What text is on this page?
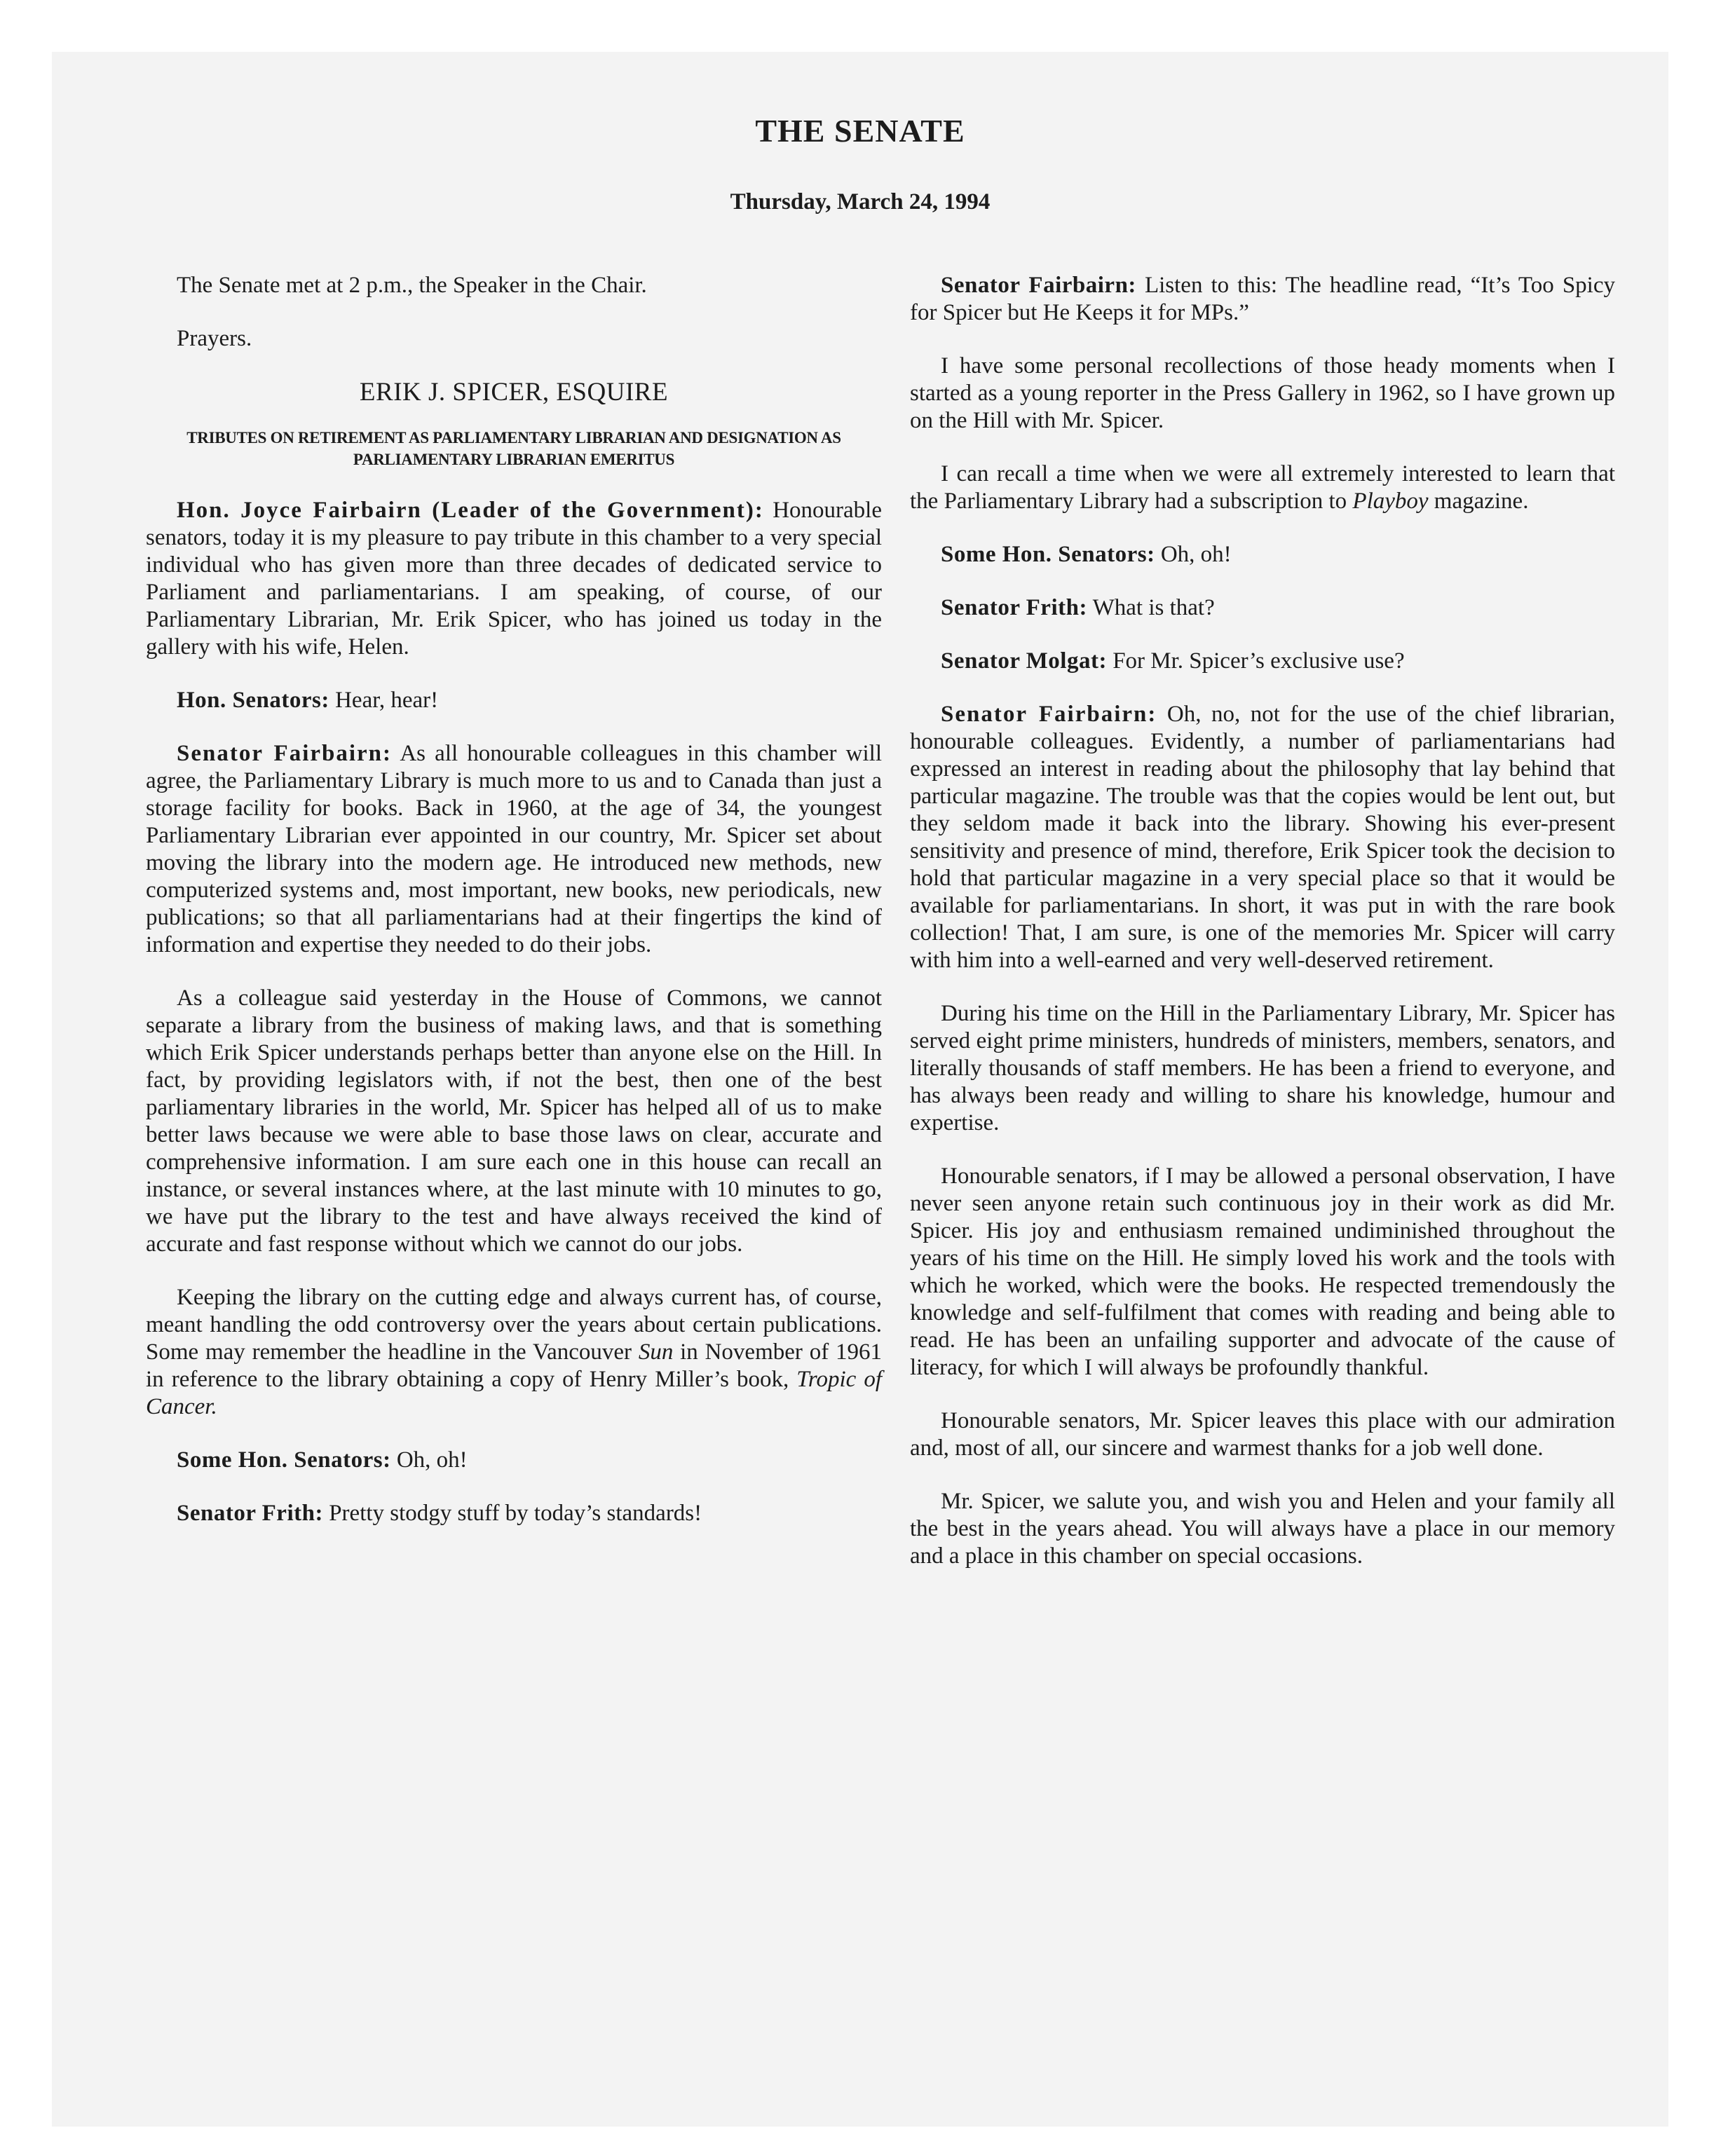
THE SENATE
Thursday, March 24, 1994

The Senate met at 2 p.m., the Speaker in the Chair.

Prayers.

ERIK J. SPICER, ESQUIRE
TRIBUTES ON RETIREMENT AS PARLIAMENTARY LIBRARIAN AND DESIGNATION AS PARLIAMENTARY LIBRARIAN EMERITUS

Hon. Joyce Fairbairn (Leader of the Government): Honourable senators, today it is my pleasure to pay tribute in this chamber to a very special individual who has given more than three decades of dedicated service to Parliament and parliamentarians. I am speaking, of course, of our Parliamentary Librarian, Mr. Erik Spicer, who has joined us today in the gallery with his wife, Helen.

Hon. Senators: Hear, hear!

Senator Fairbairn: As all honourable colleagues in this chamber will agree, the Parliamentary Library is much more to us and to Canada than just a storage facility for books. Back in 1960, at the age of 34, the youngest Parliamentary Librarian ever appointed in our country, Mr. Spicer set about moving the library into the modern age. He introduced new methods, new computerized systems and, most important, new books, new periodicals, new publications; so that all parliamentarians had at their fingertips the kind of information and expertise they needed to do their jobs.

As a colleague said yesterday in the House of Commons, we cannot separate a library from the business of making laws, and that is something which Erik Spicer understands perhaps better than anyone else on the Hill. In fact, by providing legislators with, if not the best, then one of the best parliamentary libraries in the world, Mr. Spicer has helped all of us to make better laws because we were able to base those laws on clear, accurate and comprehensive information. I am sure each one in this house can recall an instance, or several instances where, at the last minute with 10 minutes to go, we have put the library to the test and have always received the kind of accurate and fast response without which we cannot do our jobs.

Keeping the library on the cutting edge and always current has, of course, meant handling the odd controversy over the years about certain publications. Some may remember the headline in the Vancouver Sun in November of 1961 in reference to the library obtaining a copy of Henry Miller’s book, Tropic of Cancer.

Some Hon. Senators: Oh, oh!

Senator Frith: Pretty stodgy stuff by today’s standards!

Senator Fairbairn: Listen to this: The headline read, “It’s Too Spicy for Spicer but He Keeps it for MPs.”

I have some personal recollections of those heady moments when I started as a young reporter in the Press Gallery in 1962, so I have grown up on the Hill with Mr. Spicer.

I can recall a time when we were all extremely interested to learn that the Parliamentary Library had a subscription to Playboy magazine.

Some Hon. Senators: Oh, oh!

Senator Frith: What is that?

Senator Molgat: For Mr. Spicer’s exclusive use?

Senator Fairbairn: Oh, no, not for the use of the chief librarian, honourable colleagues. Evidently, a number of parliamentarians had expressed an interest in reading about the philosophy that lay behind that particular magazine. The trouble was that the copies would be lent out, but they seldom made it back into the library. Showing his ever-present sensitivity and presence of mind, therefore, Erik Spicer took the decision to hold that particular magazine in a very special place so that it would be available for parliamentarians. In short, it was put in with the rare book collection! That, I am sure, is one of the memories Mr. Spicer will carry with him into a well-earned and very well-deserved retirement.

During his time on the Hill in the Parliamentary Library, Mr. Spicer has served eight prime ministers, hundreds of ministers, members, senators, and literally thousands of staff members. He has been a friend to everyone, and has always been ready and willing to share his knowledge, humour and expertise.

Honourable senators, if I may be allowed a personal observation, I have never seen anyone retain such continuous joy in their work as did Mr. Spicer. His joy and enthusiasm remained undiminished throughout the years of his time on the Hill. He simply loved his work and the tools with which he worked, which were the books. He respected tremendously the knowledge and self-fulfilment that comes with reading and being able to read. He has been an unfailing supporter and advocate of the cause of literacy, for which I will always be profoundly thankful.

Honourable senators, Mr. Spicer leaves this place with our admiration and, most of all, our sincere and warmest thanks for a job well done.

Mr. Spicer, we salute you, and wish you and Helen and your family all the best in the years ahead. You will always have a place in our memory and a place in this chamber on special occasions.
